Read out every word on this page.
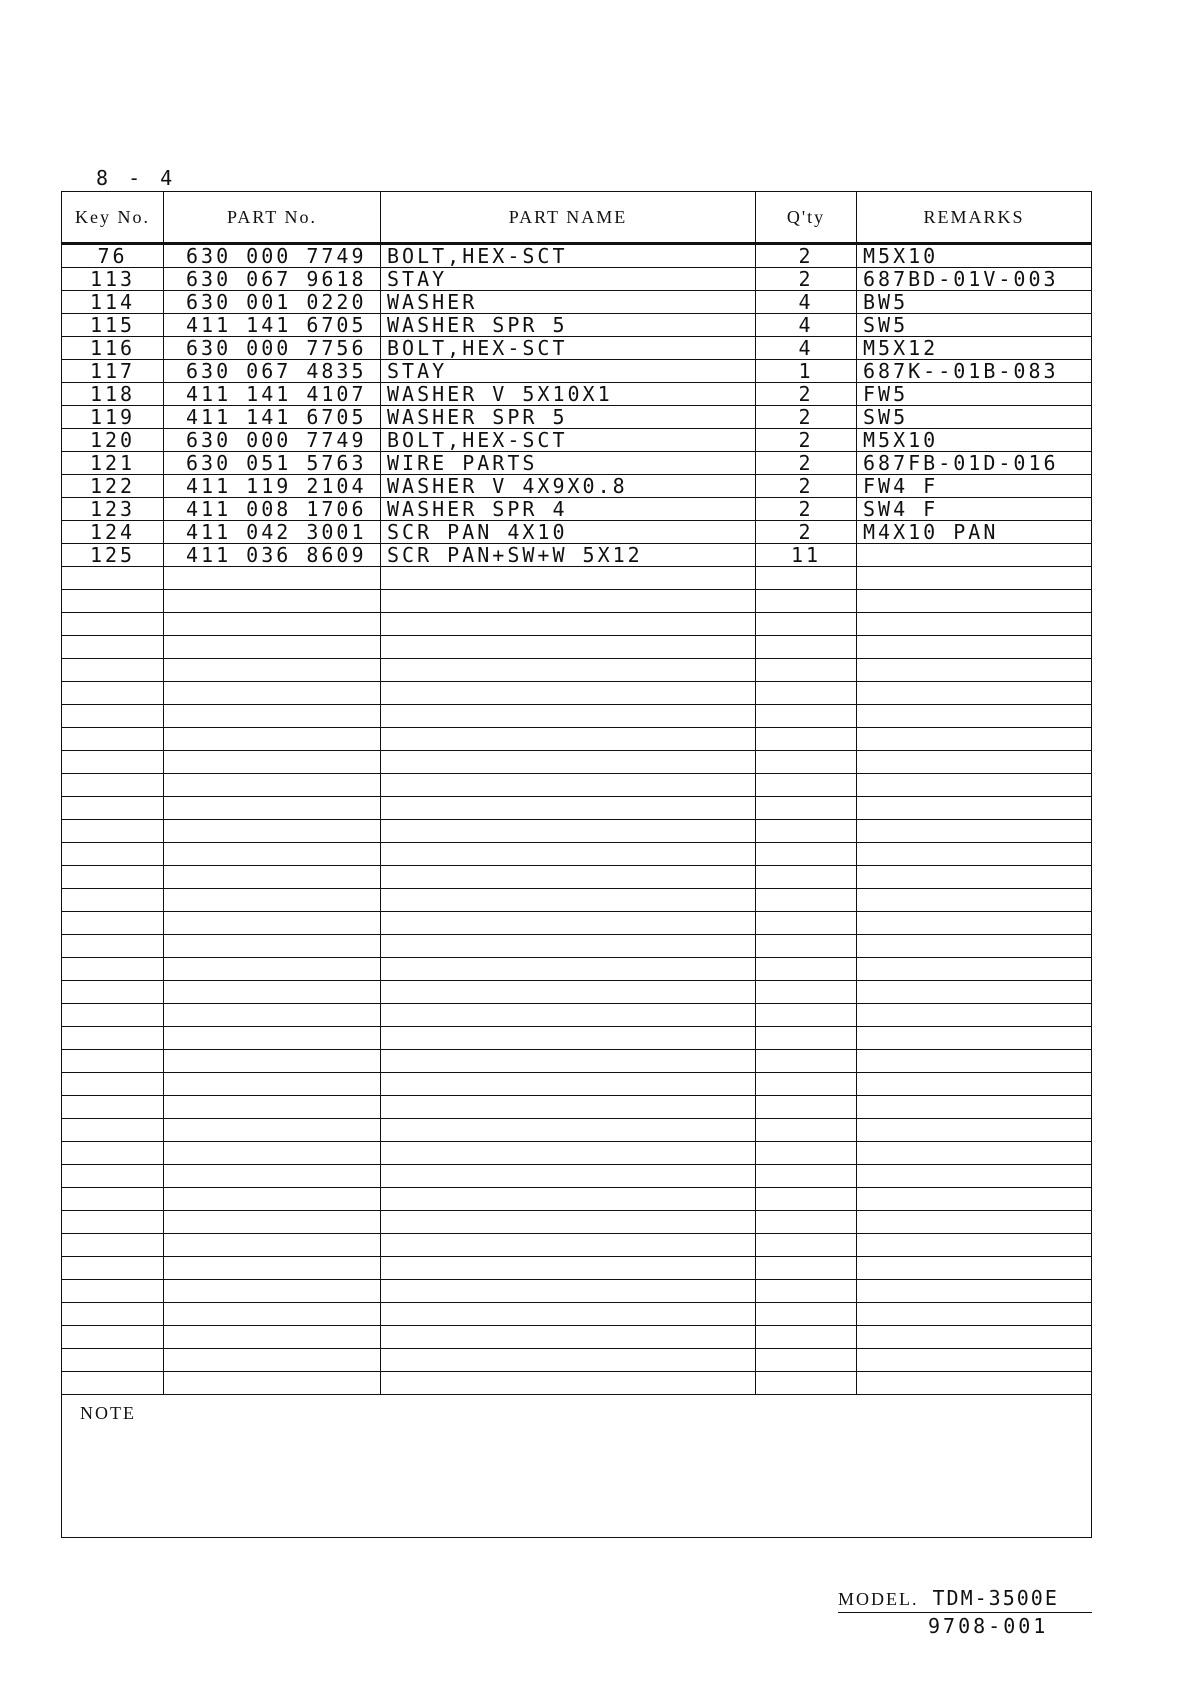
8 - 4
Key No.	PART No.	PART NAME	Q'ty	REMARKS
76	630 000 7749	BOLT,HEX-SCT	2	M5X10
113	630 067 9618	STAY	2	687BD-01V-003
114	630 001 0220	WASHER	4	BW5
115	411 141 6705	WASHER SPR 5	4	SW5
116	630 000 7756	BOLT,HEX-SCT	4	M5X12
117	630 067 4835	STAY	1	687K--01B-083
118	411 141 4107	WASHER V 5X10X1	2	FW5
119	411 141 6705	WASHER SPR 5	2	SW5
120	630 000 7749	BOLT,HEX-SCT	2	M5X10
121	630 051 5763	WIRE PARTS	2	687FB-01D-016
122	411 119 2104	WASHER V 4X9X0.8	2	FW4 F
123	411 008 1706	WASHER SPR 4	2	SW4 F
124	411 042 3001	SCR PAN 4X10	2	M4X10 PAN
125	411 036 8609	SCR PAN+SW+W 5X12	11	

NOTE				
MODEL. TDM-3500E
9708-001
